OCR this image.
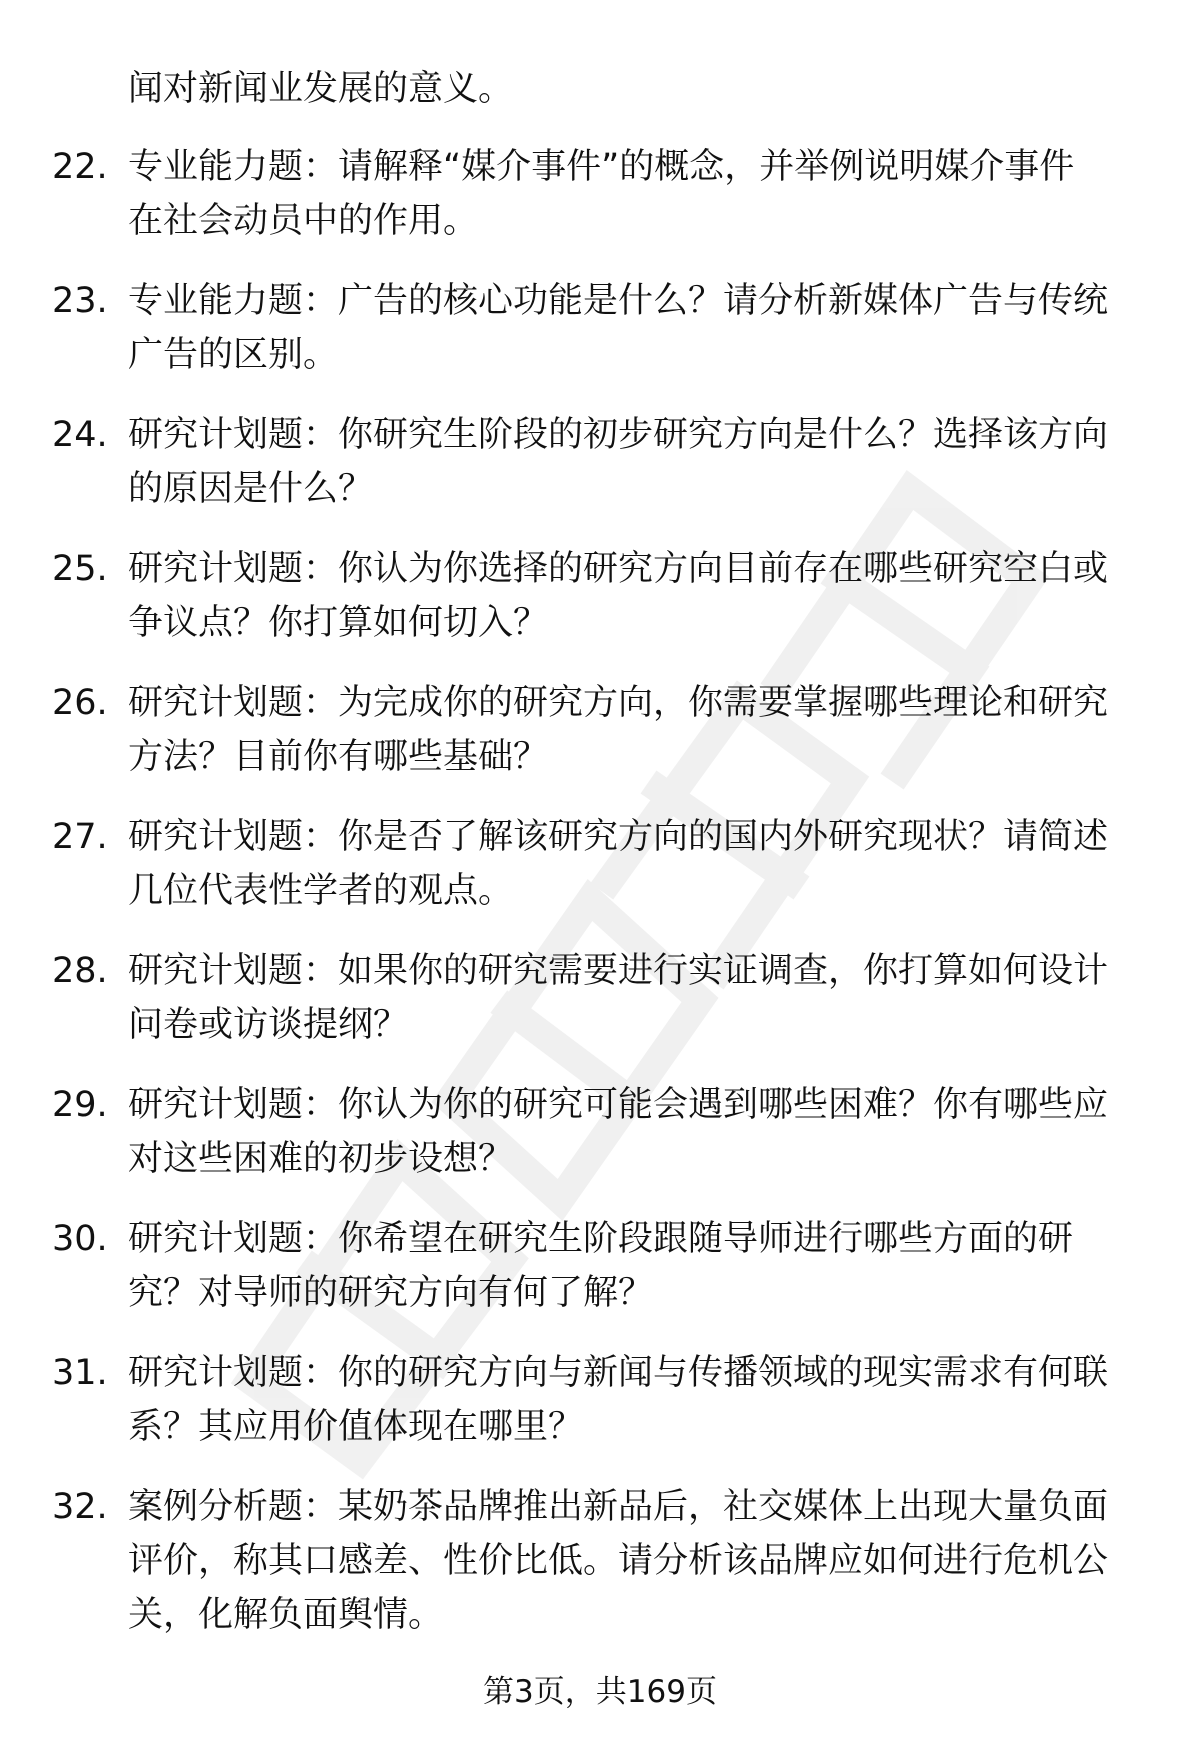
闻对新闻业发展的意义。
22. 专业能力题：请解释“媒介事件”的概念，并举例说明媒介事件
在社会动员中的作用。
23. 专业能力题：广告的核心功能是什么？请分析新媒体广告与传统
广告的区别。
24. 研究计划题：你研究生阶段的初步研究方向是什么？选择该方向
的原因是什么？
25. 研究计划题：你认为你选择的研究方向目前存在哪些研究空白或
争议点？你打算如何切入？
26. 研究计划题：为完成你的研究方向，你需要掌握哪些理论和研究
方法？目前你有哪些基础？
27. 研究计划题：你是否了解该研究方向的国内外研究现状？请简述
几位代表性学者的观点。
28. 研究计划题：如果你的研究需要进行实证调查，你打算如何设计
问卷或访谈提纲？
29. 研究计划题：你认为你的研究可能会遇到哪些困难？你有哪些应
对这些困难的初步设想？
30. 研究计划题：你希望在研究生阶段跟随导师进行哪些方面的研
究？对导师的研究方向有何了解？
31. 研究计划题：你的研究方向与新闻与传播领域的现实需求有何联
系？其应用价值体现在哪里？
32. 案例分析题：某奶茶品牌推出新品后，社交媒体上出现大量负面
评价，称其口感差、性价比低。请分析该品牌应如何进行危机公
关，化解负面舆情。
第3页，共169页
